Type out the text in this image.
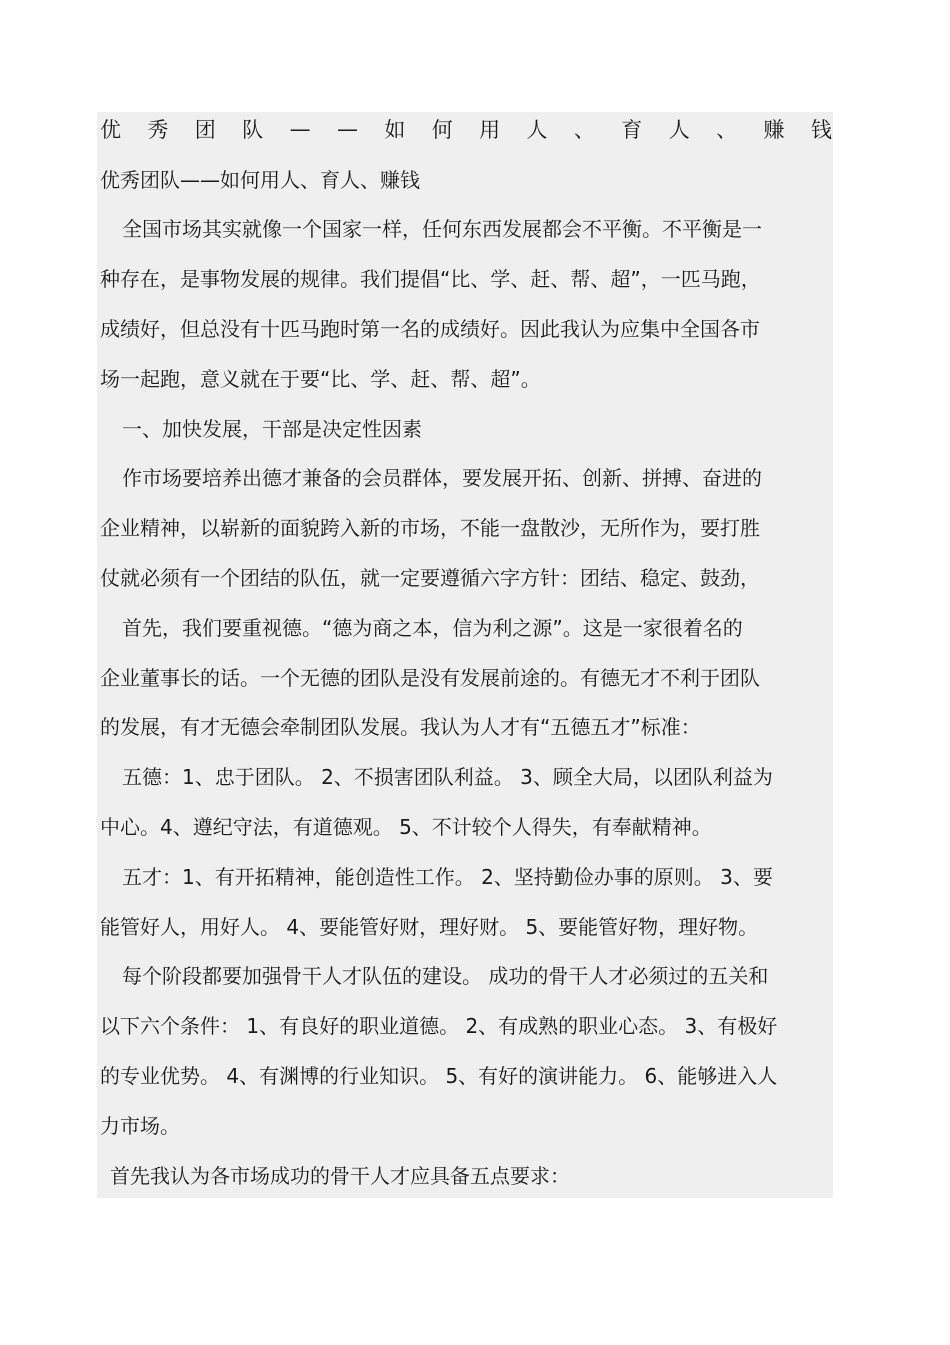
优 秀 团 队 — — 如 何 用 人 、 育 人 、 赚 钱
优秀团队——如何用人、育人、赚钱
全国市场其实就像一个国家一样，任何东西发展都会不平衡。不平衡是一
种存在，是事物发展的规律。我们提倡“比、学、赶、帮、超”，一匹马跑，
成绩好，但总没有十匹马跑时第一名的成绩好。因此我认为应集中全国各市
场一起跑，意义就在于要“比、学、赶、帮、超”。
一、加快发展，干部是决定性因素
作市场要培养出德才兼备的会员群体，要发展开拓、创新、拼搏、奋进的
企业精神，以崭新的面貌跨入新的市场，不能一盘散沙，无所作为，要打胜
仗就必须有一个团结的队伍，就一定要遵循六字方针：团结、稳定、鼓劲，
首先，我们要重视德。“德为商之本，信为利之源”。这是一家很着名的
企业董事长的话。一个无德的团队是没有发展前途的。有德无才不利于团队
的发展，有才无德会牵制团队发展。我认为人才有“五德五才”标准：
五德：1、忠于团队。 2、不损害团队利益。 3、顾全大局，以团队利益为
中心。4、遵纪守法，有道德观。 5、不计较个人得失，有奉献精神。
五才：1、有开拓精神，能创造性工作。 2、坚持勤俭办事的原则。 3、要
能管好人，用好人。 4、要能管好财，理好财。 5、要能管好物，理好物。
每个阶段都要加强骨干人才队伍的建设。 成功的骨干人才必须过的五关和
以下六个条件： 1、有良好的职业道德。 2、有成熟的职业心态。 3、有极好
的专业优势。 4、有渊博的行业知识。 5、有好的演讲能力。 6、能够进入人
力市场。
首先我认为各市场成功的骨干人才应具备五点要求：
